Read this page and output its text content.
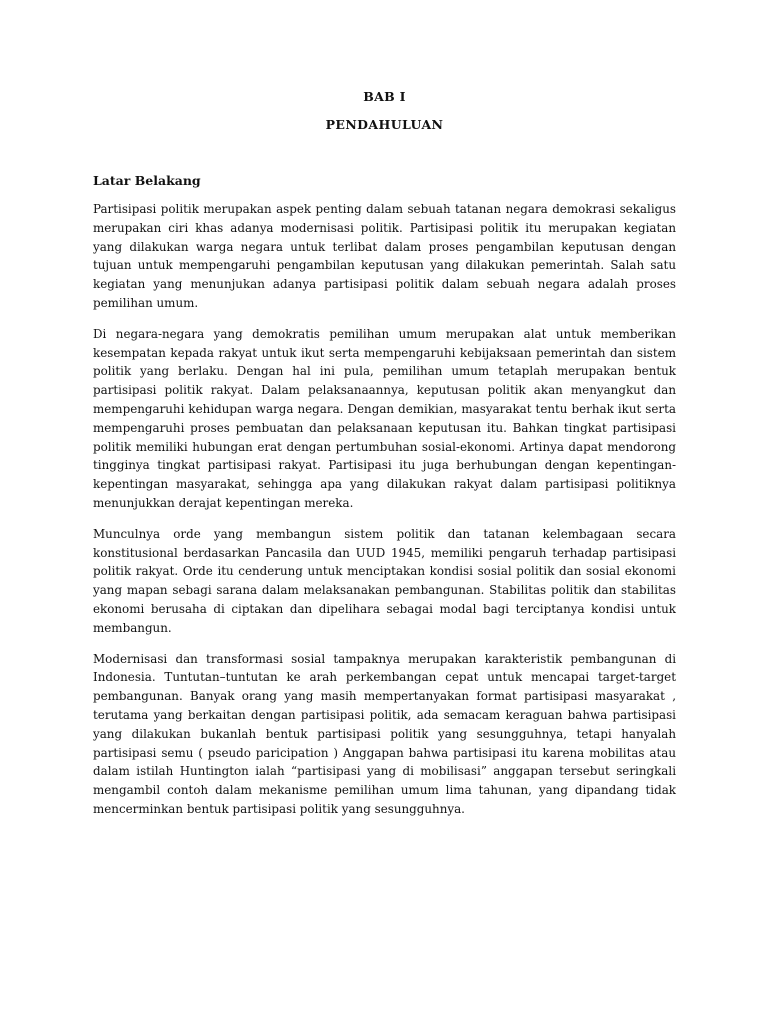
BAB I
PENDAHULUAN
Latar Belakang

Partisipasi politik merupakan aspek penting dalam sebuah tatanan negara demokrasi sekaligus merupakan ciri khas adanya modernisasi politik. Partisipasi politik itu merupakan kegiatan yang dilakukan warga negara untuk terlibat dalam proses pengambilan keputusan dengan tujuan untuk mempengaruhi pengambilan keputusan yang dilakukan pemerintah. Salah satu kegiatan yang menunjukan adanya partisipasi politik dalam sebuah negara adalah proses pemilihan umum.

Di negara-negara yang demokratis pemilihan umum merupakan alat untuk memberikan kesempatan kepada rakyat untuk ikut serta mempengaruhi kebijaksaan pemerintah dan sistem politik yang berlaku. Dengan hal ini pula, pemilihan umum tetaplah merupakan bentuk partisipasi politik rakyat. Dalam pelaksanaannya, keputusan politik akan menyangkut dan mempengaruhi kehidupan warga negara. Dengan demikian, masyarakat tentu berhak ikut serta mempengaruhi proses pembuatan dan pelaksanaan keputusan itu. Bahkan tingkat partisipasi politik memiliki hubungan erat dengan pertumbuhan sosial-ekonomi. Artinya dapat mendorong tingginya tingkat partisipasi rakyat. Partisipasi itu juga berhubungan dengan kepentingan-kepentingan masyarakat, sehingga apa yang dilakukan rakyat dalam partisipasi politiknya menunjukkan derajat kepentingan mereka.

Munculnya orde yang membangun sistem politik dan tatanan kelembagaan secara konstitusional berdasarkan Pancasila dan UUD 1945, memiliki pengaruh terhadap partisipasi politik rakyat. Orde itu cenderung untuk menciptakan kondisi sosial politik dan sosial ekonomi yang mapan sebagi sarana dalam melaksanakan pembangunan. Stabilitas politik dan stabilitas ekonomi berusaha di ciptakan dan dipelihara sebagai modal bagi terciptanya kondisi untuk membangun.

Modernisasi dan transformasi sosial tampaknya merupakan karakteristik pembangunan di Indonesia. Tuntutan–tuntutan ke arah perkembangan cepat untuk mencapai target-target pembangunan. Banyak orang yang masih mempertanyakan format partisipasi masyarakat , terutama yang berkaitan dengan partisipasi politik, ada semacam keraguan bahwa partisipasi yang dilakukan bukanlah bentuk partisipasi politik yang sesungguhnya, tetapi hanyalah partisipasi semu ( pseudo paricipation ) Anggapan bahwa partisipasi itu karena mobilitas atau dalam istilah Huntington ialah “partisipasi yang di mobilisasi” anggapan tersebut seringkali mengambil contoh dalam mekanisme pemilihan umum lima tahunan, yang dipandang tidak mencerminkan bentuk partisipasi politik yang sesungguhnya.
